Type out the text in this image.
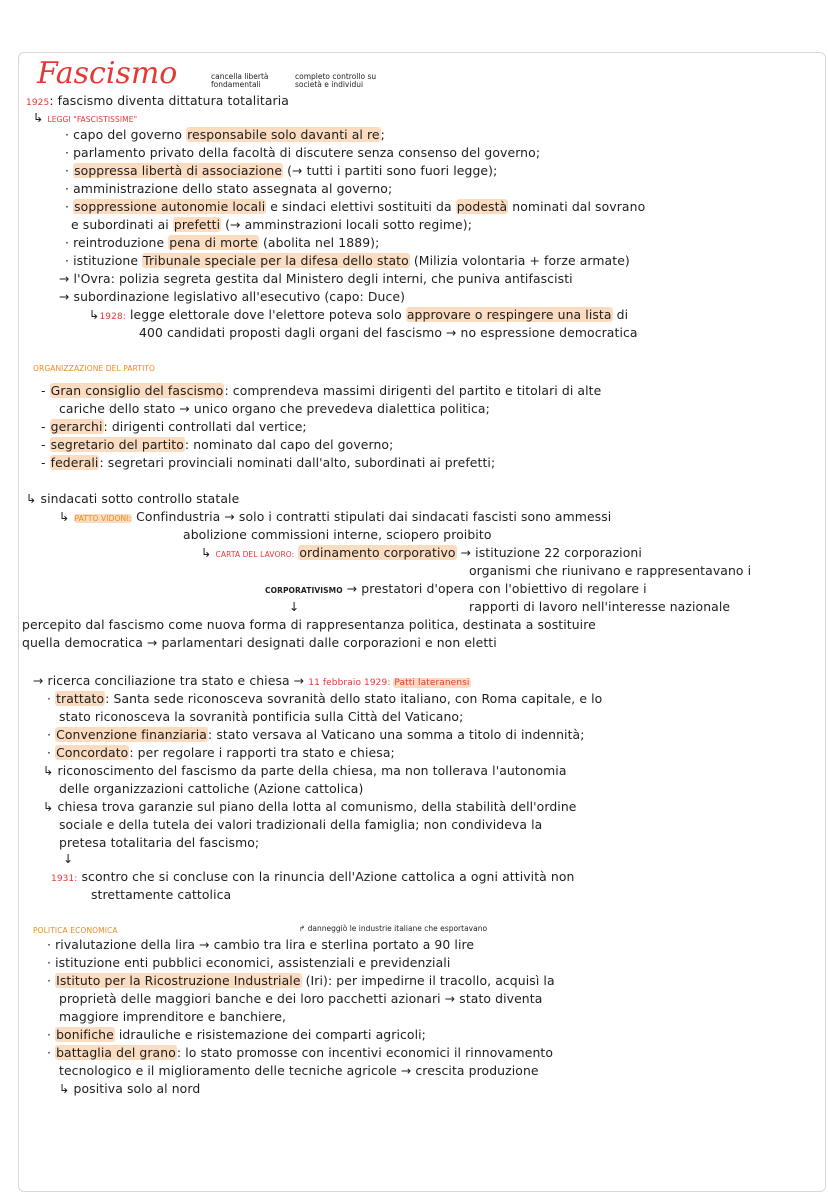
Fascismo	cancella libertà
fondamentali
completo controllo su
società e individui
1925: fascismo diventa dittatura totalitaria
↳ LEGGI "FASCISTISSIME"
· capo del governo responsabile solo davanti al re;
· parlamento privato della facoltà di discutere senza consenso del governo;
· soppressa libertà di associazione (→ tutti i partiti sono fuori legge);
· amministrazione dello stato assegnata al governo;
· soppressione autonomie locali e sindaci elettivi sostituiti da podestà nominati dal sovrano
e subordinati ai prefetti (→ amminstrazioni locali sotto regime);
· reintroduzione pena di morte (abolita nel 1889);
· istituzione Tribunale speciale per la difesa dello stato (Milizia volontaria + forze armate)
→ l'Ovra: polizia segreta gestita dal Ministero degli interni, che puniva antifascisti
→ subordinazione legislativo all'esecutivo (capo: Duce)
↳1928: legge elettorale dove l'elettore poteva solo approvare o respingere una lista di
400 candidati proposti dagli organi del fascismo → no espressione democratica
ORGANIZZAZIONE DEL PARTITO
- Gran consiglio del fascismo: comprendeva massimi dirigenti del partito e titolari di alte
cariche dello stato → unico organo che prevedeva dialettica politica;
- gerarchi: dirigenti controllati dal vertice;
- segretario del partito: nominato dal capo del governo;
- federali: segretari provinciali nominati dall'alto, subordinati ai prefetti;
↳ sindacati sotto controllo statale
↳ PATTO VIDONI: Confindustria → solo i contratti stipulati dai sindacati fascisti sono ammessi
abolizione commissioni interne, sciopero proibito
↳ CARTA DEL LAVORO: ordinamento corporativo → istituzione 22 corporazioni
organismi che riunivano e rappresentavano i
CORPORATIVISMO → prestatori d'opera con l'obiettivo di regolare i
↓	rapporti di lavoro nell'interesse nazionale
percepito dal fascismo come nuova forma di rappresentanza politica, destinata a sostituire
quella democratica → parlamentari designati dalle corporazioni e non eletti
→ ricerca conciliazione tra stato e chiesa → 11 febbraio 1929: Patti lateranensi
· trattato: Santa sede riconosceva sovranità dello stato italiano, con Roma capitale, e lo
stato riconosceva la sovranità pontificia sulla Città del Vaticano;
· Convenzione finanziaria: stato versava al Vaticano una somma a titolo di indennità;
· Concordato: per regolare i rapporti tra stato e chiesa;
↳ riconoscimento del fascismo da parte della chiesa, ma non tollerava l'autonomia
delle organizzazioni cattoliche (Azione cattolica)
↳ chiesa trova garanzie sul piano della lotta al comunismo, della stabilità dell'ordine
sociale e della tutela dei valori tradizionali della famiglia; non condivideva la
pretesa totalitaria del fascismo;
↓
1931: scontro che si concluse con la rinuncia dell'Azione cattolica a ogni attività non
strettamente cattolica
POLITICA ECONOMICA	↱ danneggiò le industrie italiane che esportavano
· rivalutazione della lira → cambio tra lira e sterlina portato a 90 lire
· istituzione enti pubblici economici, assistenziali e previdenziali
· Istituto per la Ricostruzione Industriale (Iri): per impedirne il tracollo, acquisì la
proprietà delle maggiori banche e dei loro pacchetti azionari → stato diventa
maggiore imprenditore e banchiere,
· bonifiche idrauliche e risistemazione dei comparti agricoli;
· battaglia del grano: lo stato promosse con incentivi economici il rinnovamento
tecnologico e il miglioramento delle tecniche agricole → crescita produzione
↳ positiva solo al nord
